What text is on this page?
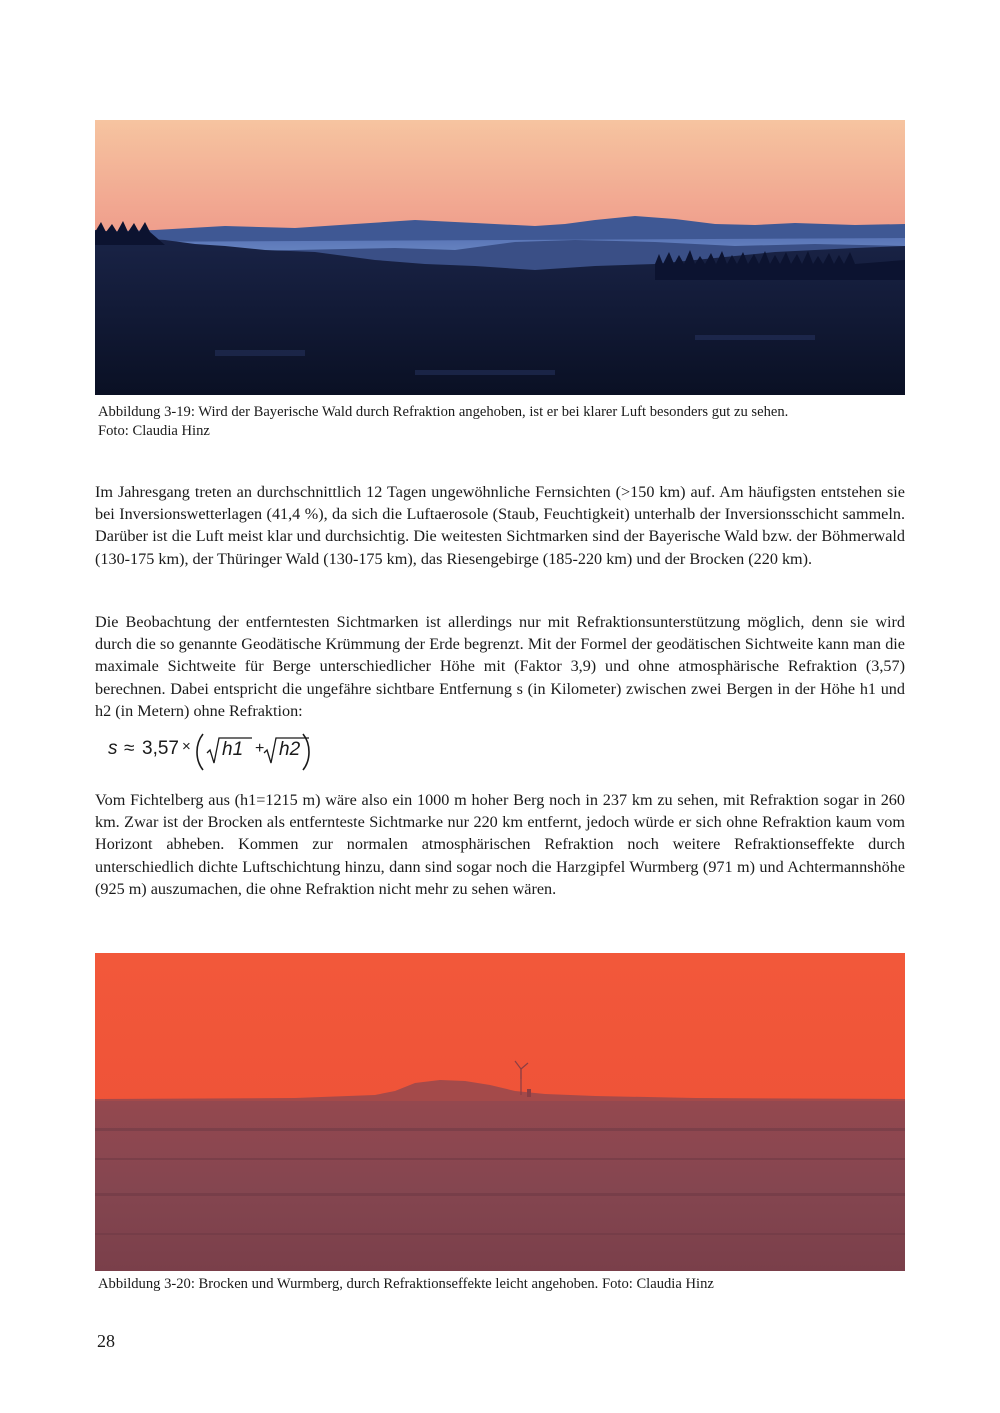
Abbildung 3-19: Wird der Bayerische Wald durch Refraktion angehoben, ist er bei klarer Luft besonders gut zu sehen.
Foto: Claudia Hinz

Im Jahresgang treten an durchschnittlich 12 Tagen ungewöhnliche Fernsichten (>150 km) auf. Am häufigsten entstehen sie bei Inversionswetterlagen (41,4 %), da sich die Luftaerosole (Staub, Feuchtigkeit) unterhalb der Inversionsschicht sammeln. Darüber ist die Luft meist klar und durchsichtig. Die weitesten Sichtmarken sind der Bayerische Wald bzw. der Böhmerwald (130-175 km), der Thüringer Wald (130-175 km), das Riesengebirge (185-220 km) und der Brocken (220 km).

Die Beobachtung der entferntesten Sichtmarken ist allerdings nur mit Refraktionsunterstützung möglich, denn sie wird durch die so genannte Geodätische Krümmung der Erde begrenzt. Mit der Formel der geodätischen Sichtweite kann man die maximale Sichtweite für Berge unterschiedlicher Höhe mit (Faktor 3,9) und ohne atmosphärische Refraktion (3,57) berechnen. Dabei entspricht die ungefähre sichtbare Entfernung s (in Kilometer) zwischen zwei Bergen in der Höhe h1 und h2 (in Metern) ohne Refraktion:

s ≈ 3,57 × h1 + h2

Vom Fichtelberg aus (h1=1215 m) wäre also ein 1000 m hoher Berg noch in 237 km zu sehen, mit Refraktion sogar in 260 km. Zwar ist der Brocken als entfernteste Sichtmarke nur 220 km entfernt, jedoch würde er sich ohne Refraktion kaum vom Horizont abheben. Kommen zur normalen atmosphärischen Refraktion noch weitere Refraktionseffekte durch unterschiedlich dichte Luftschichtung hinzu, dann sind sogar noch die Harzgipfel Wurmberg (971 m) und Achtermannshöhe (925 m) auszumachen, die ohne Refraktion nicht mehr zu sehen wären.

Abbildung 3-20: Brocken und Wurmberg, durch Refraktionseffekte leicht angehoben. Foto: Claudia Hinz
28
